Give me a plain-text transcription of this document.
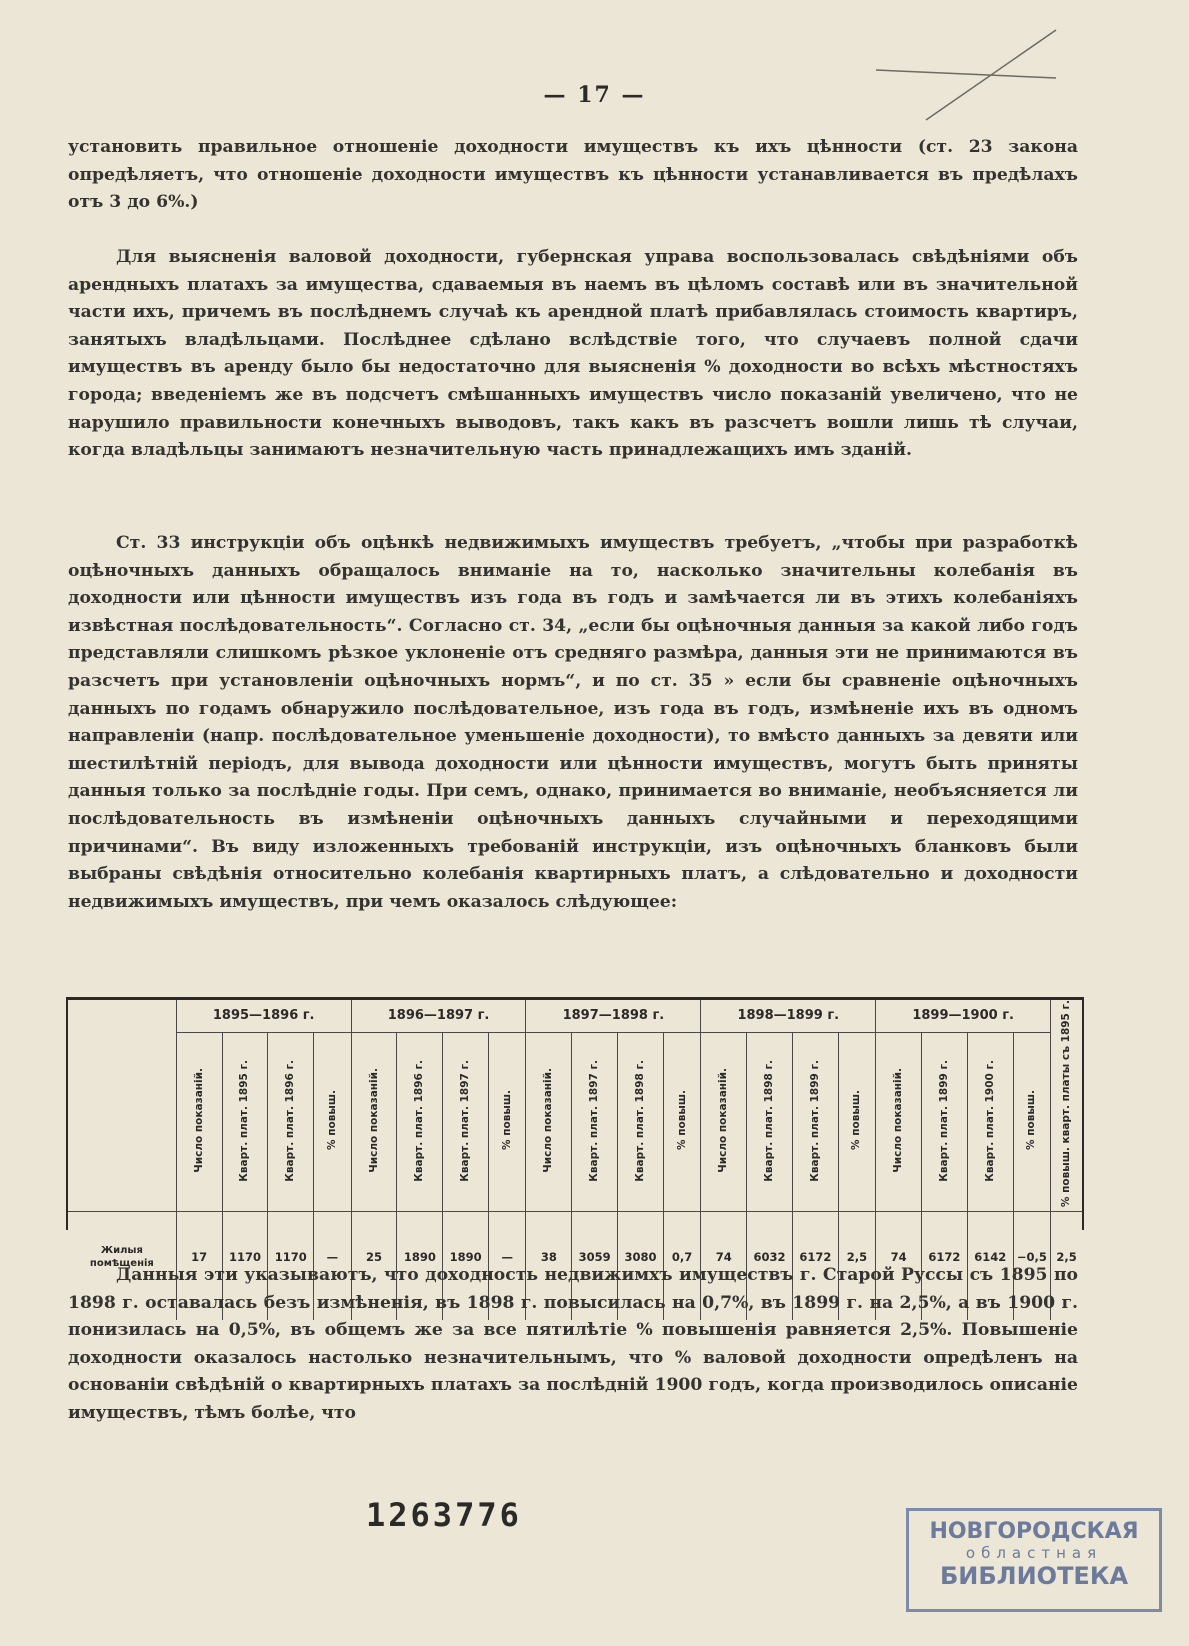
— 17 —
установить правильное отношеніе доходности имуществъ къ ихъ цѣнности (ст. 23 закона опредѣляетъ, что отношеніе доходности имуществъ къ цѣнности устанавливается въ предѣлахъ отъ 3 до 6%.)
Для выясненія валовой доходности, губернская управа воспользовалась свѣдѣніями объ арендныхъ платахъ за имущества, сдаваемыя въ наемъ въ цѣломъ составѣ или въ значительной части ихъ, причемъ въ послѣднемъ случаѣ къ арендной платѣ прибавлялась стоимость квартиръ, занятыхъ владѣльцами. Послѣднее сдѣлано вслѣдствіе того, что случаевъ полной сдачи имуществъ въ аренду было бы недостаточно для выясненія % доходности во всѣхъ мѣстностяхъ города; введеніемъ же въ подсчетъ смѣшанныхъ имуществъ число показаній увеличено, что не нарушило правильности конечныхъ выводовъ, такъ какъ въ разсчетъ вошли лишь тѣ случаи, когда владѣльцы занимаютъ незначительную часть принадлежащихъ имъ зданій.
Ст. 33 инструкціи объ оцѣнкѣ недвижимыхъ имуществъ требуетъ, „чтобы при разработкѣ оцѣночныхъ данныхъ обращалось вниманіе на то, насколько значительны колебанія въ доходности или цѣнности имуществъ изъ года въ годъ и замѣчается ли въ этихъ колебаніяхъ извѣстная послѣдовательность“. Согласно ст. 34, „если бы оцѣночныя данныя за какой либо годъ представляли слишкомъ рѣзкое уклоненіе отъ средняго размѣра, данныя эти не принимаются въ разсчетъ при установленіи оцѣночныхъ нормъ“, и по ст. 35 » если бы сравненіе оцѣночныхъ данныхъ по годамъ обнаружило послѣдовательное, изъ года въ годъ, измѣненіе ихъ въ одномъ направленіи (напр. послѣдовательное уменьшеніе доходности), то вмѣсто данныхъ за девяти или шестилѣтній періодъ, для вывода доходности или цѣнности имуществъ, могутъ быть приняты данныя только за послѣдніе годы. При семъ, однако, принимается во вниманіе, необъясняется ли послѣдовательность въ измѣненіи оцѣночныхъ данныхъ случайными и переходящими причинами“. Въ виду изложенныхъ требованій инструкціи, изъ оцѣночныхъ бланковъ были выбраны свѣдѣнія относительно колебанія квартирныхъ платъ, а слѣдовательно и доходности недвижимыхъ имуществъ, при чемъ оказалось слѣдующее:
	1895—1896 г.				1896—1897 г.				1897—1898 г.				1898—1899 г.				1899—1900 г.				% повыш. кварт. платы съ 1895 г.
	Число показаній.	Кварт. плат. 1895 г.	Кварт. плат. 1896 г.	% повыш.	Число показаній.	Кварт. плат. 1896 г.	Кварт. плат. 1897 г.	% повыш.	Число показаній.	Кварт. плат. 1897 г.	Кварт. плат. 1898 г.	% повыш.	Число показаній.	Кварт. плат. 1898 г.	Кварт. плат. 1899 г.	% повыш.	Число показаній.	Кварт. плат. 1899 г.	Кварт. плат. 1900 г.	% повыш.	
Жилыя помѣщенія	17	1170	1170	—	25	1890	1890	—	38	3059	3080	0,7	74	6032	6172	2,5	74	6172	6142	−0,5	2,5

Данныя эти указываютъ, что доходность недвижимхъ имуществъ г. Старой Руссы съ 1895 по 1898 г. оставалась безъ измѣненія, въ 1898 г. повысилась на 0,7%, въ 1899 г. на 2,5%, а въ 1900 г. понизилась на 0,5%, въ общемъ же за все пятилѣтіе % повышенія равняется 2,5%. Повышеніе доходности оказалось настолько незначительнымъ, что % валовой доходности опредѣленъ на основаніи свѣдѣній о квартирныхъ платахъ за послѣдній 1900 годъ, когда производилось описаніе имуществъ, тѣмъ болѣе, что
1263776	НОВГОРОДСКАЯ
областная
БИБЛИОТЕКА
